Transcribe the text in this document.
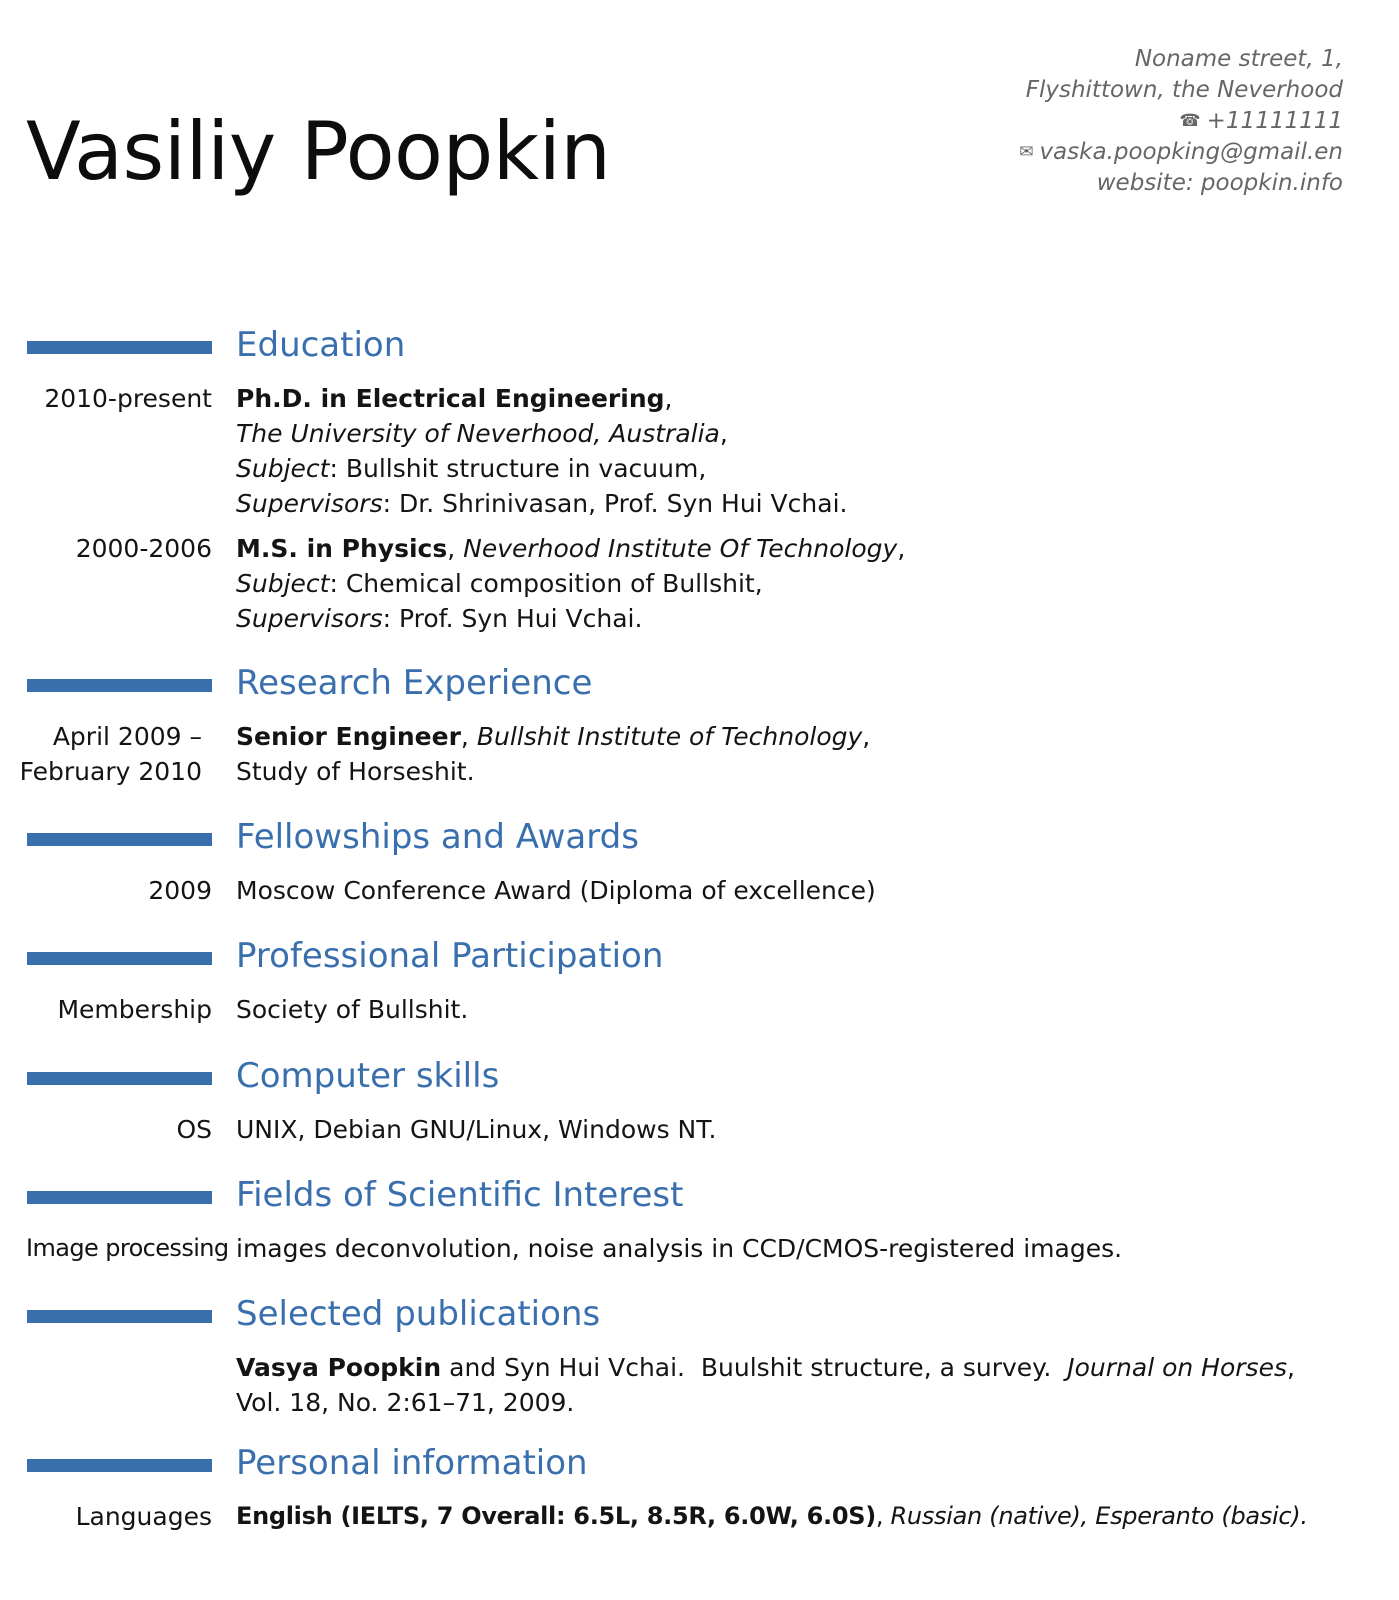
Vasiliy Poopkin
Noname street, 1,
Flyshittown, the Neverhood
☎ +11111111
✉ vaska.poopking@gmail.en
website: poopkin.info
Education
2010-present Ph.D. in Electrical Engineering,
The University of Neverhood, Australia,
Subject: Bullshit structure in vacuum,
Supervisors: Dr. Shrinivasan, Prof. Syn Hui Vchai.
2000-2006 M.S. in Physics, Neverhood Institute Of Technology,
Subject: Chemical composition of Bullshit,
Supervisors: Prof. Syn Hui Vchai.
Research Experience
April 2009 –
February 2010
Senior Engineer, Bullshit Institute of Technology,
Study of Horseshit.
Fellowships and Awards
2009 Moscow Conference Award (Diploma of excellence)
Professional Participation
Membership Society of Bullshit.
Computer skills
OS UNIX, Debian GNU/Linux, Windows NT.
Fields of Scientific Interest
Image processing images deconvolution, noise analysis in CCD/CMOS-registered images.
Selected publications
Vasya Poopkin and Syn Hui Vchai.  Buulshit structure, a survey.  Journal on Horses, Vol. 18, No. 2:61–71, 2009.
Personal information
Languages English (IELTS, 7 Overall: 6.5L, 8.5R, 6.0W, 6.0S), Russian (native), Esperanto (basic).
